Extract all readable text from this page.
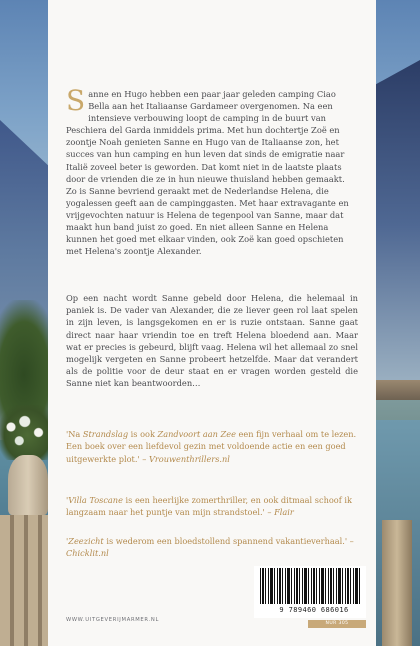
Sanne en Hugo hebben een paar jaar geleden camping Ciao Bella aan het Italiaanse Gardameer overgenomen. Na een intensieve verbouwing loopt de camping in de buurt van Peschiera del Garda inmiddels prima. Met hun dochtertje Zoë en zoontje Noah genieten Sanne en Hugo van de Italiaanse zon, het succes van hun camping en hun leven dat sinds de emigratie naar Italië zoveel beter is geworden. Dat komt niet in de laatste plaats door de vrienden die ze in hun nieuwe thuisland hebben gemaakt. Zo is Sanne bevriend geraakt met de Nederlandse Helena, die yogalessen geeft aan de campinggasten. Met haar extravagante en vrijgevochten natuur is Helena de tegenpool van Sanne, maar dat maakt hun band juist zo goed. En niet alleen Sanne en Helena kunnen het goed met elkaar vinden, ook Zoë kan goed opschieten met Helena's zoontje Alexander.

Op een nacht wordt Sanne gebeld door Helena, die helemaal in paniek is. De vader van Alexander, die ze liever geen rol laat spelen in zijn leven, is langsgekomen en er is ruzie ontstaan. Sanne gaat direct naar haar vriendin toe en treft Helena bloedend aan. Maar wat er precies is gebeurd, blijft vaag. Helena wil het allemaal zo snel mogelijk vergeten en Sanne probeert hetzelfde. Maar dat verandert als de politie voor de deur staat en er vragen worden gesteld die Sanne niet kan beantwoorden…

'Na Strandslag is ook Zandvoort aan Zee een fijn verhaal om te lezen. Een boek over een liefdevol gezin met voldoende actie en een goed uitgewerkte plot.' – Vrouwenthrillers.nl

'Villa Toscane is een heerlijke zomerthriller, en ook ditmaal schoof ik langzaam naar het puntje van mijn strandstoel.' – Flair

'Zeezicht is wederom een bloedstollend spannend vakantieverhaal.' – Chicklit.nl

WWW.UITGEVERIJMARMER.NL
9 789460 686016
NUR 305
